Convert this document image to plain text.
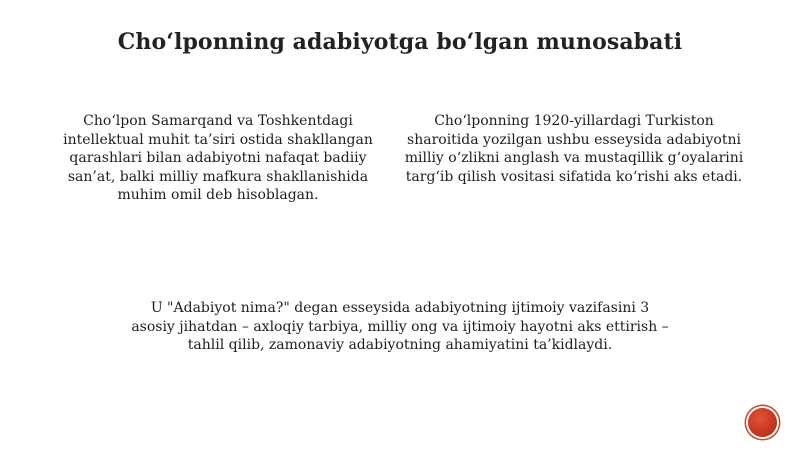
Cho‘lponning adabiyotga bo‘lgan munosabati
Cho‘lpon Samarqand va Toshkentdagi intellektual muhit ta’siri ostida shakllangan qarashlari bilan adabiyotni nafaqat badiiy san’at, balki milliy mafkura shakllanishida muhim omil deb hisoblagan.
Cho‘lponning 1920-yillardagi Turkiston sharoitida yozilgan ushbu esseysida adabiyotni milliy o‘zlikni anglash va mustaqillik g‘oyalarini targ‘ib qilish vositasi sifatida ko‘rishi aks etadi.
U "Adabiyot nima?" degan esseysida adabiyotning ijtimoiy vazifasini 3 asosiy jihatdan – axloqiy tarbiya, milliy ong va ijtimoiy hayotni aks ettirish – tahlil qilib, zamonaviy adabiyotning ahamiyatini ta’kidlaydi.
